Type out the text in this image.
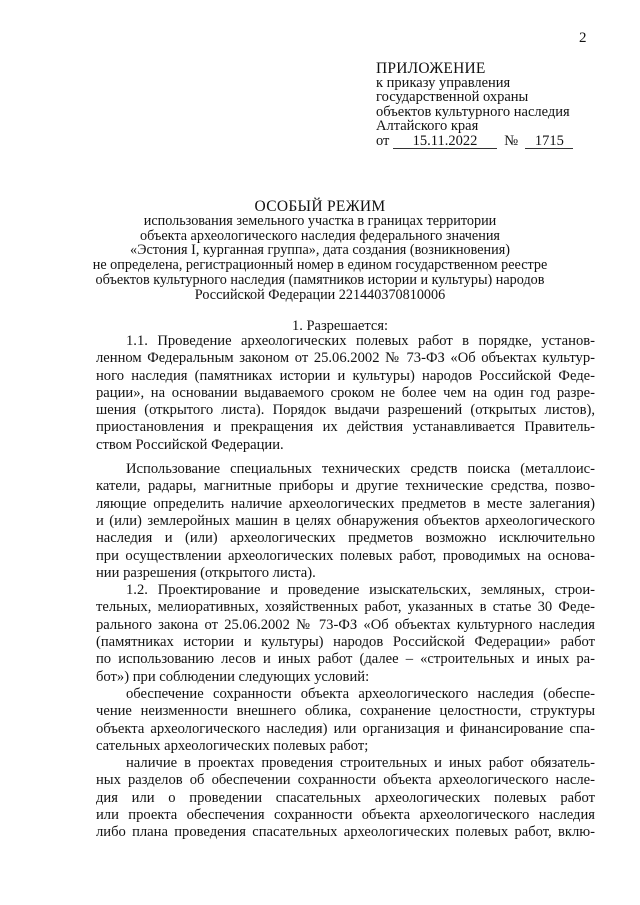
2
ПРИЛОЖЕНИЕ
к приказу управления
государственной охраны
объектов культурного наследия
Алтайского края
от 15.11.2022 № 1715
ОСОБЫЙ РЕЖИМ
использования земельного участка в границах территории
объекта археологического наследия федерального значения
«Эстония I, курганная группа», дата создания (возникновения)
не определена, регистрационный номер в едином государственном реестре
объектов культурного наследия (памятников истории и культуры) народов
Российской Федерации 221440370810006
1. Разрешается:
1.1. Проведение археологических полевых работ в порядке, установ-
ленном Федеральным законом от 25.06.2002 № 73-ФЗ «Об объектах культур-
ного наследия (памятниках истории и культуры) народов Российской Феде-
рации», на основании выдаваемого сроком не более чем на один год разре-
шения (открытого листа). Порядок выдачи разрешений (открытых листов),
приостановления и прекращения их действия устанавливается Правитель-
ством Российской Федерации.
Использование специальных технических средств поиска (металлоис-
катели, радары, магнитные приборы и другие технические средства, позво-
ляющие определить наличие археологических предметов в месте залегания)
и (или) землеройных машин в целях обнаружения объектов археологического
наследия и (или) археологических предметов возможно исключительно
при осуществлении археологических полевых работ, проводимых на основа-
нии разрешения (открытого листа).
1.2. Проектирование и проведение изыскательских, земляных, строи-
тельных, мелиоративных, хозяйственных работ, указанных в статье 30 Феде-
рального закона от 25.06.2002 № 73-ФЗ «Об объектах культурного наследия
(памятниках истории и культуры) народов Российской Федерации» работ
по использованию лесов и иных работ (далее – «строительных и иных ра-
бот») при соблюдении следующих условий:
обеспечение сохранности объекта археологического наследия (обеспе-
чение неизменности внешнего облика, сохранение целостности, структуры
объекта археологического наследия) или организация и финансирование спа-
сательных археологических полевых работ;
наличие в проектах проведения строительных и иных работ обязатель-
ных разделов об обеспечении сохранности объекта археологического насле-
дия или о проведении спасательных археологических полевых работ
или проекта обеспечения сохранности объекта археологического наследия
либо плана проведения спасательных археологических полевых работ, вклю-
